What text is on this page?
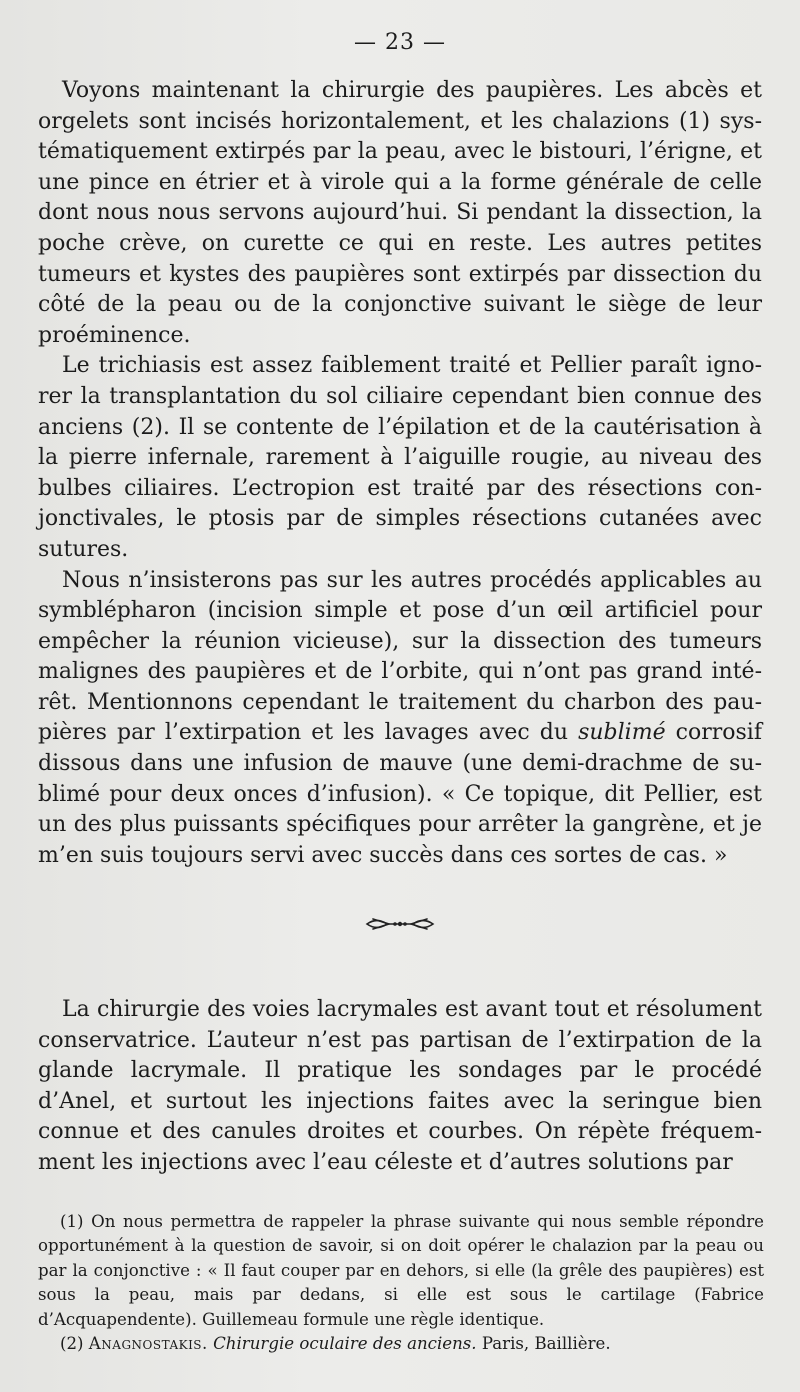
— 23 —

Voyons maintenant la chirurgie des paupières. Les abcès et orgelets sont incisés horizontalement, et les chalazions (1) systématiquement extirpés par la peau, avec le bistouri, l’érigne, et une pince en étrier et à virole qui a la forme générale de celle dont nous nous servons aujourd’hui. Si pendant la dissection, la poche crève, on curette ce qui en reste. Les autres petites tumeurs et kystes des paupières sont extirpés par dissection du côté de la peau ou de la conjonctive suivant le siège de leur proéminence.

Le trichiasis est assez faiblement traité et Pellier paraît ignorer la transplantation du sol ciliaire cependant bien connue des anciens (2). Il se contente de l’épilation et de la cautérisation à la pierre infernale, rarement à l’aiguille rougie, au niveau des bulbes ciliaires. L’ectropion est traité par des résections conjonctivales, le ptosis par de simples résections cutanées avec sutures.

Nous n’insisterons pas sur les autres procédés applicables au symblépharon (incision simple et pose d’un œil artificiel pour empêcher la réunion vicieuse), sur la dissection des tumeurs malignes des paupières et de l’orbite, qui n’ont pas grand intérêt. Mentionnons cependant le traitement du charbon des paupières par l’extirpation et les lavages avec du sublimé corrosif dissous dans une infusion de mauve (une demi-drachme de sublimé pour deux onces d’infusion). « Ce topique, dit Pellier, est un des plus puissants spécifiques pour arrêter la gangrène, et je m’en suis toujours servi avec succès dans ces sortes de cas. »

La chirurgie des voies lacrymales est avant tout et résolument conservatrice. L’auteur n’est pas partisan de l’extirpation de la glande lacrymale. Il pratique les sondages par le procédé d’Anel, et surtout les injections faites avec la seringue bien connue et des canules droites et courbes. On répète fréquemment les injections avec l’eau céleste et d’autres solutions par

(1) On nous permettra de rappeler la phrase suivante qui nous semble répondre opportunément à la question de savoir, si on doit opérer le chalazion par la peau ou par la conjonctive : « Il faut couper par en dehors, si elle (la grêle des paupières) est sous la peau, mais par dedans, si elle est sous le cartilage (Fabrice d’Acquapendente). Guillemeau formule une règle identique.

(2) Anagnostakis. Chirurgie oculaire des anciens. Paris, Baillière.
